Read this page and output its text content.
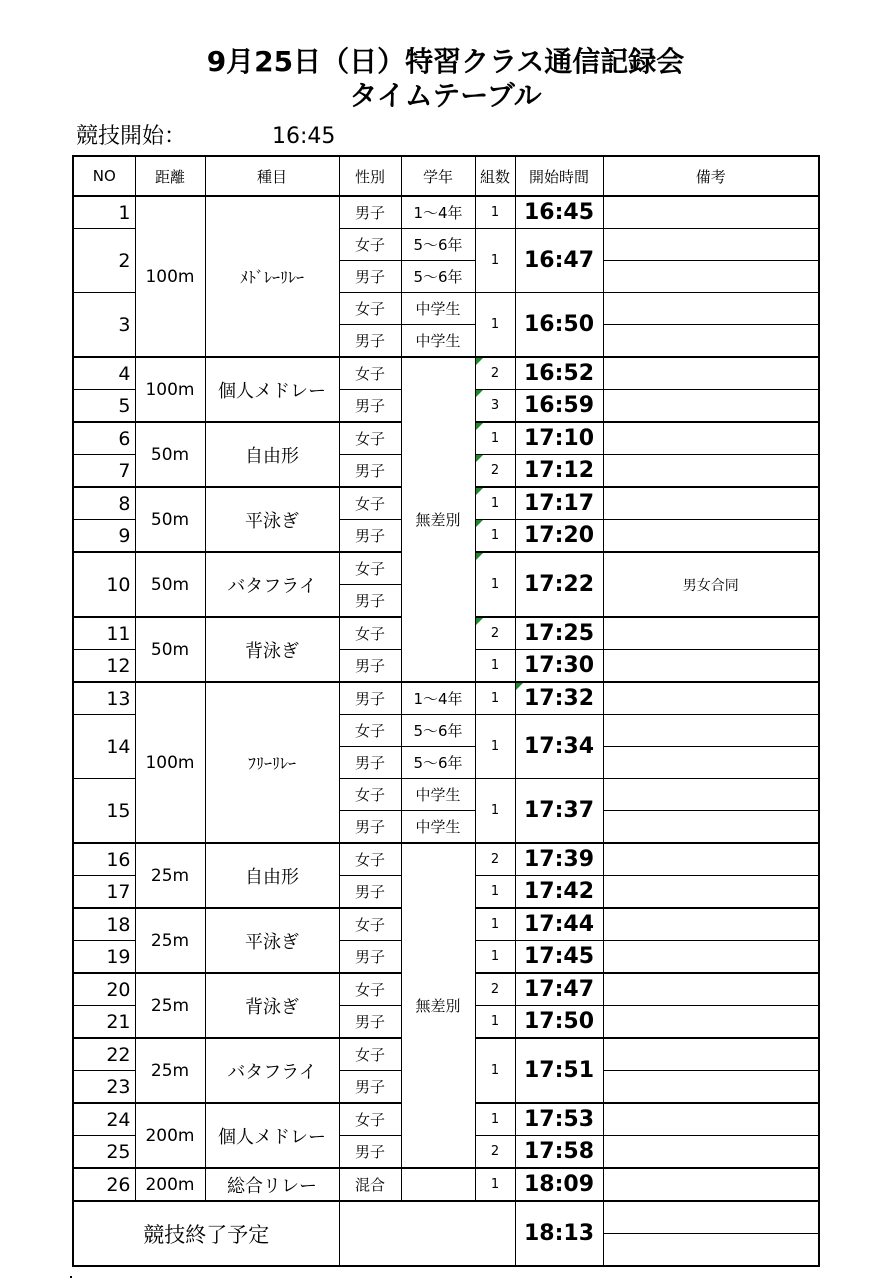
9月25日（日）特習クラス通信記録会
タイムテーブル
競技開始：	16:45
NO	距離	種目	性別	学年	組数	開始時間	備考
1	100m	ﾒﾄﾞﾚｰﾘﾚｰ	男子	1～4年	1	16:45	
2			女子	5～6年	1	16:47	
			男子	5～6年			
3			女子	中学生	1	16:50	
			男子	中学生			
4	100m	個人メドレー	女子	無差別	2	16:52	
5			男子		3	16:59	
6	50m	自由形	女子		1	17:10	
7			男子		2	17:12	
8	50m	平泳ぎ	女子		1	17:17	
9			男子		1	17:20	
10	50m	バタフライ	女子		1	17:22	男女合同
			男子				
11	50m	背泳ぎ	女子		2	17:25	
12			男子		1	17:30	
13	100m	ﾌﾘｰﾘﾚｰ	男子	1～4年	1	17:32	
14			女子	5～6年	1	17:34	
			男子	5～6年			
15			女子	中学生	1	17:37	
			男子	中学生			
16	25m	自由形	女子	無差別	2	17:39	
17			男子		1	17:42	
18	25m	平泳ぎ	女子		1	17:44	
19			男子		1	17:45	
20	25m	背泳ぎ	女子		2	17:47	
21			男子		1	17:50	
22	25m	バタフライ	女子		1	17:51	
23			男子				
24	200m	個人メドレー	女子		1	17:53	
25			男子		2	17:58	
26	200m	総合リレー	混合		1	18:09	
競技終了予定						18:13	
